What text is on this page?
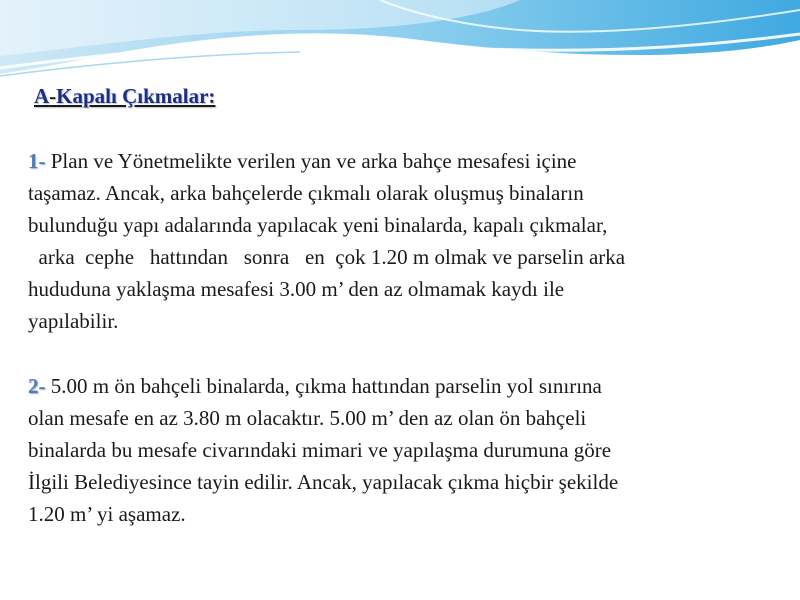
A-Kapalı Çıkmalar:
1- Plan ve Yönetmelikte verilen yan ve arka bahçe mesafesi içine
taşamaz. Ancak, arka bahçelerde çıkmalı olarak oluşmuş binaların
bulunduğu yapı adalarında yapılacak yeni binalarda, kapalı çıkmalar,
arka  cephe   hattından   sonra   en  çok 1.20 m olmak ve parselin arka
hududuna yaklaşma mesafesi 3.00 m’ den az olmamak kaydı ile
yapılabilir.
2- 5.00 m ön bahçeli binalarda, çıkma hattından parselin yol sınırına
olan mesafe en az 3.80 m olacaktır. 5.00 m’ den az olan ön bahçeli
binalarda bu mesafe civarındaki mimari ve yapılaşma durumuna göre
İlgili Belediyesince tayin edilir. Ancak, yapılacak çıkma hiçbir şekilde
1.20 m’ yi aşamaz.
